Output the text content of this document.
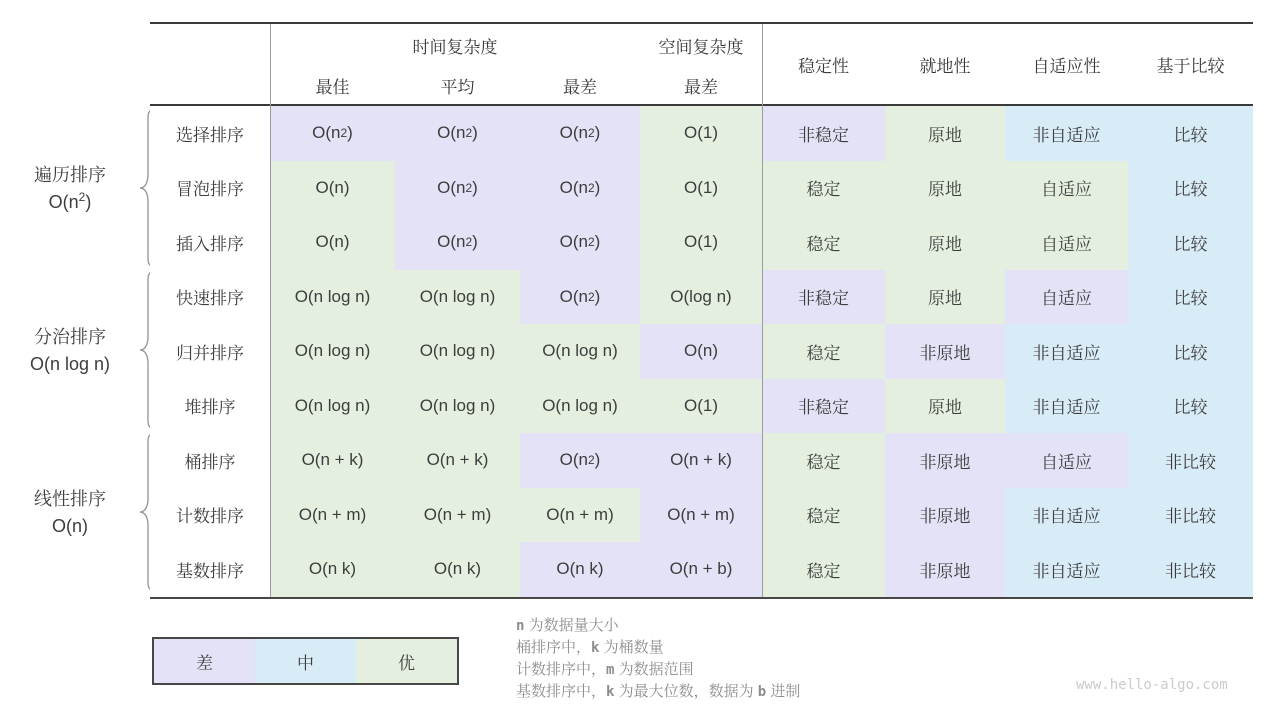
遍历排序
$O(n^2)$
分治排序
O(n log n)
线性排序
O(n)
时间复杂度	空间复杂度
最佳	平均	最差	最差
稳定性	就地性	自适应性	基于比较
选择排序	O(n 2 )	O(n 2 )	O(n 2 )	O(1)	非稳定	原地	非自适应	比较
冒泡排序	O(n)	O(n 2 )	O(n 2 )	O(1)	稳定	原地	自适应	比较
插入排序	O(n)	O(n 2 )	O(n 2 )	O(1)	稳定	原地	自适应	比较
快速排序	O(n log n)	O(n log n)	O(n 2 )	O(log n)	非稳定	原地	自适应	比较
归并排序	O(n log n)	O(n log n)	O(n log n)	O(n)	稳定	非原地	非自适应	比较
堆排序	O(n log n)	O(n log n)	O(n log n)	O(1)	非稳定	原地	非自适应	比较
桶排序	O(n + k)	O(n + k)	O(n 2 )	O(n + k)	稳定	非原地	自适应	非比较
计数排序	O(n + m)	O(n + m)	O(n + m)	O(n + m)	稳定	非原地	非自适应	非比较
基数排序	O(n k)	O(n k)	O(n k)	O(n + b)	稳定	非原地	非自适应	非比较
差	中	优
n 为数据量大小
桶排序中，k 为桶数量
计数排序中，m 为数据范围
基数排序中，k 为最大位数，数据为 b 进制	www.hello-algo.com
